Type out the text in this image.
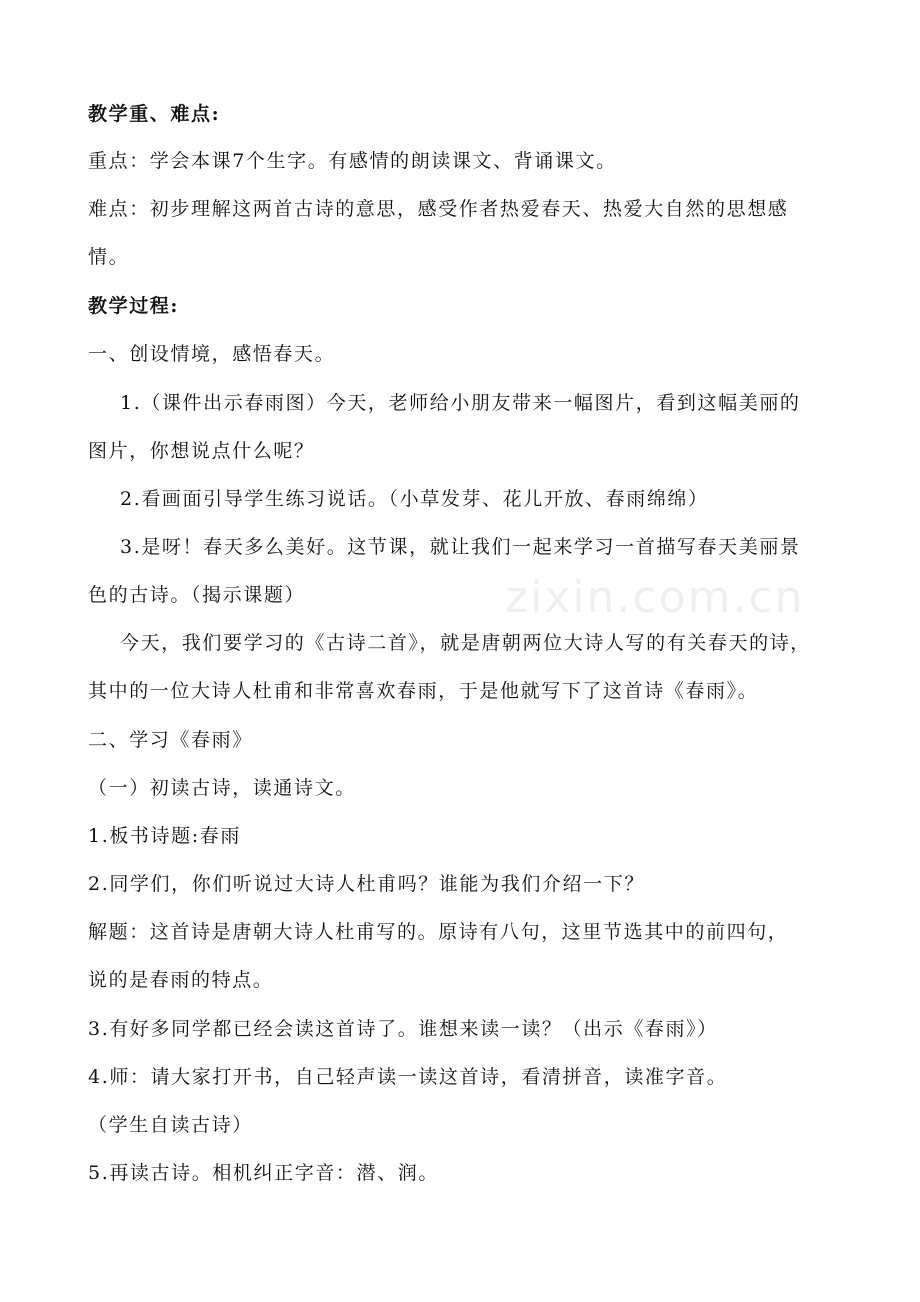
zixin.com.cn
教学重、难点:
重点：学会本课7个生字。有感情的朗读课文、背诵课文。
难点：初步理解这两首古诗的意思，感受作者热爱春天、热爱大自然的思想感
情。
教学过程:
一、创设情境，感悟春天。
1.（课件出示春雨图）今天，老师给小朋友带来一幅图片，看到这幅美丽的
图片，你想说点什么呢？
2.看画面引导学生练习说话。（小草发芽、花儿开放、春雨绵绵）
3.是呀！春天多么美好。这节课，就让我们一起来学习一首描写春天美丽景
色的古诗。（揭示课题）
今天，我们要学习的《古诗二首》，就是唐朝两位大诗人写的有关春天的诗，
其中的一位大诗人杜甫和非常喜欢春雨，于是他就写下了这首诗《春雨》。
二、学习《春雨》
（一）初读古诗，读通诗文。
1.板书诗题:春雨
2.同学们，你们听说过大诗人杜甫吗？谁能为我们介绍一下？
解题：这首诗是唐朝大诗人杜甫写的。原诗有八句，这里节选其中的前四句，
说的是春雨的特点。
3.有好多同学都已经会读这首诗了。谁想来读一读？（出示《春雨》）
4.师：请大家打开书，自己轻声读一读这首诗，看清拼音，读准字音。
（学生自读古诗）
5.再读古诗。相机纠正字音：潜、润。
